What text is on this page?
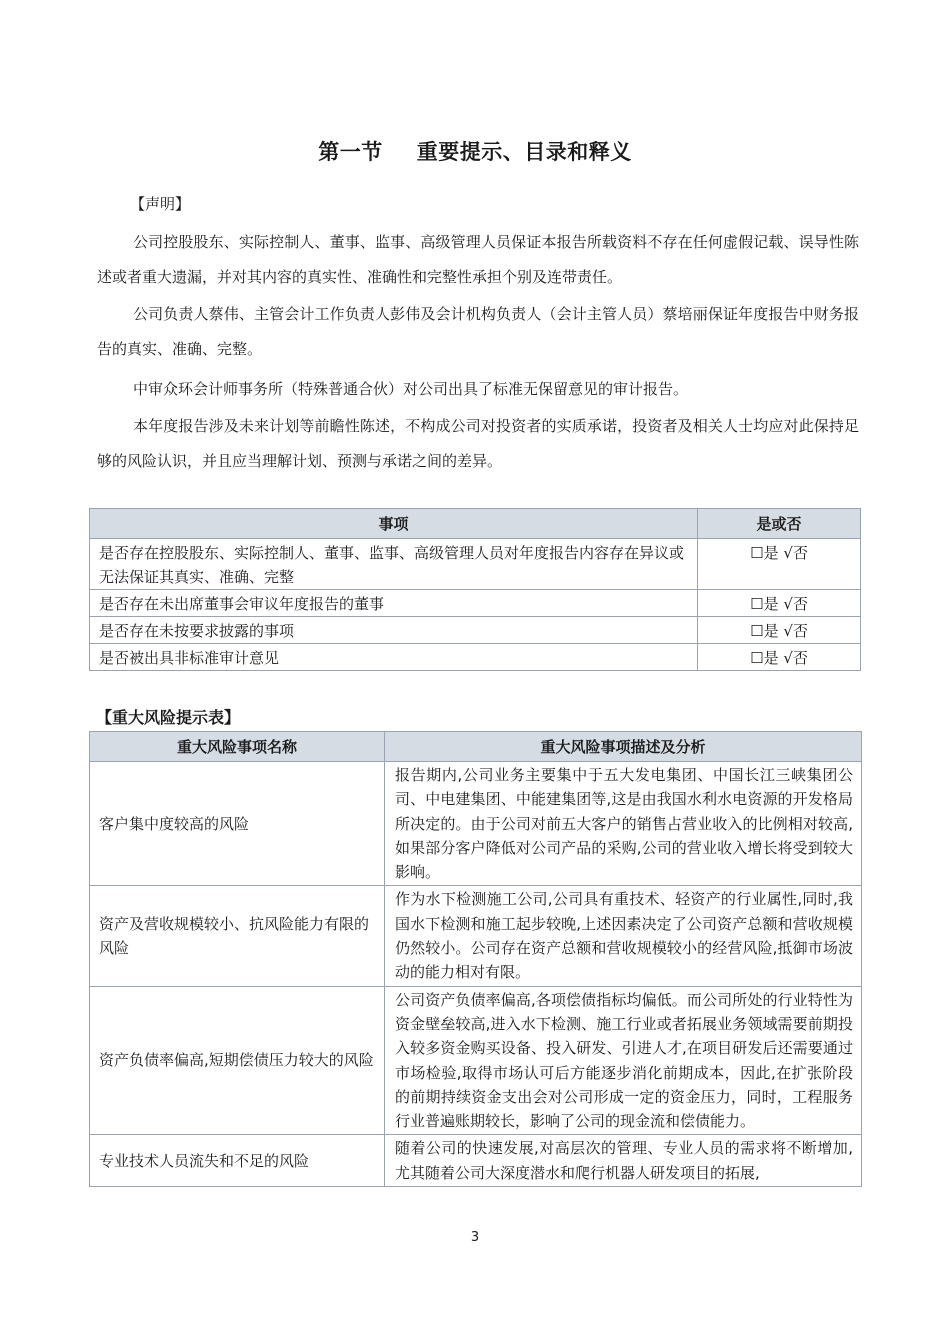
第一节 重要提示、目录和释义
【声明】

公司控股股东、实际控制人、董事、监事、高级管理人员保证本报告所载资料不存在任何虚假记载、误导性陈述或者重大遗漏，并对其内容的真实性、准确性和完整性承担个别及连带责任。

公司负责人蔡伟、主管会计工作负责人彭伟及会计机构负责人（会计主管人员）蔡培丽保证年度报告中财务报告的真实、准确、完整。

中审众环会计师事务所（特殊普通合伙）对公司出具了标准无保留意见的审计报告。

本年度报告涉及未来计划等前瞻性陈述，不构成公司对投资者的实质承诺，投资者及相关人士均应对此保持足够的风险认识，并且应当理解计划、预测与承诺之间的差异。

事项	是或否
是否存在控股股东、实际控制人、董事、监事、高级管理人员对年度报告内容存在异议或无法保证其真实、准确、完整	☐是 √否
是否存在未出席董事会审议年度报告的董事	☐是 √否
是否存在未按要求披露的事项	☐是 √否
是否被出具非标准审计意见	☐是 √否
【重大风险提示表】
重大风险事项名称	重大风险事项描述及分析
客户集中度较高的风险	报告期内,公司业务主要集中于五大发电集团、中国长江三峡集团公司、中电建集团、中能建集团等,这是由我国水利水电资源的开发格局所决定的。由于公司对前五大客户的销售占营业收入的比例相对较高,如果部分客户降低对公司产品的采购,公司的营业收入增长将受到较大影响。
资产及营收规模较小、抗风险能力有限的风险	作为水下检测施工公司,公司具有重技术、轻资产的行业属性,同时,我国水下检测和施工起步较晚,上述因素决定了公司资产总额和营收规模仍然较小。公司存在资产总额和营收规模较小的经营风险,抵御市场波动的能力相对有限。
资产负债率偏高,短期偿债压力较大的风险	公司资产负债率偏高,各项偿债指标均偏低。而公司所处的行业特性为资金壁垒较高,进入水下检测、施工行业或者拓展业务领域需要前期投入较多资金购买设备、投入研发、引进人才,在项目研发后还需要通过市场检验,取得市场认可后方能逐步消化前期成本，因此,在扩张阶段的前期持续资金支出会对公司形成一定的资金压力，同时，工程服务行业普遍账期较长，影响了公司的现金流和偿债能力。
专业技术人员流失和不足的风险	随着公司的快速发展,对高层次的管理、专业人员的需求将不断增加,尤其随着公司大深度潜水和爬行机器人研发项目的拓展,
3
